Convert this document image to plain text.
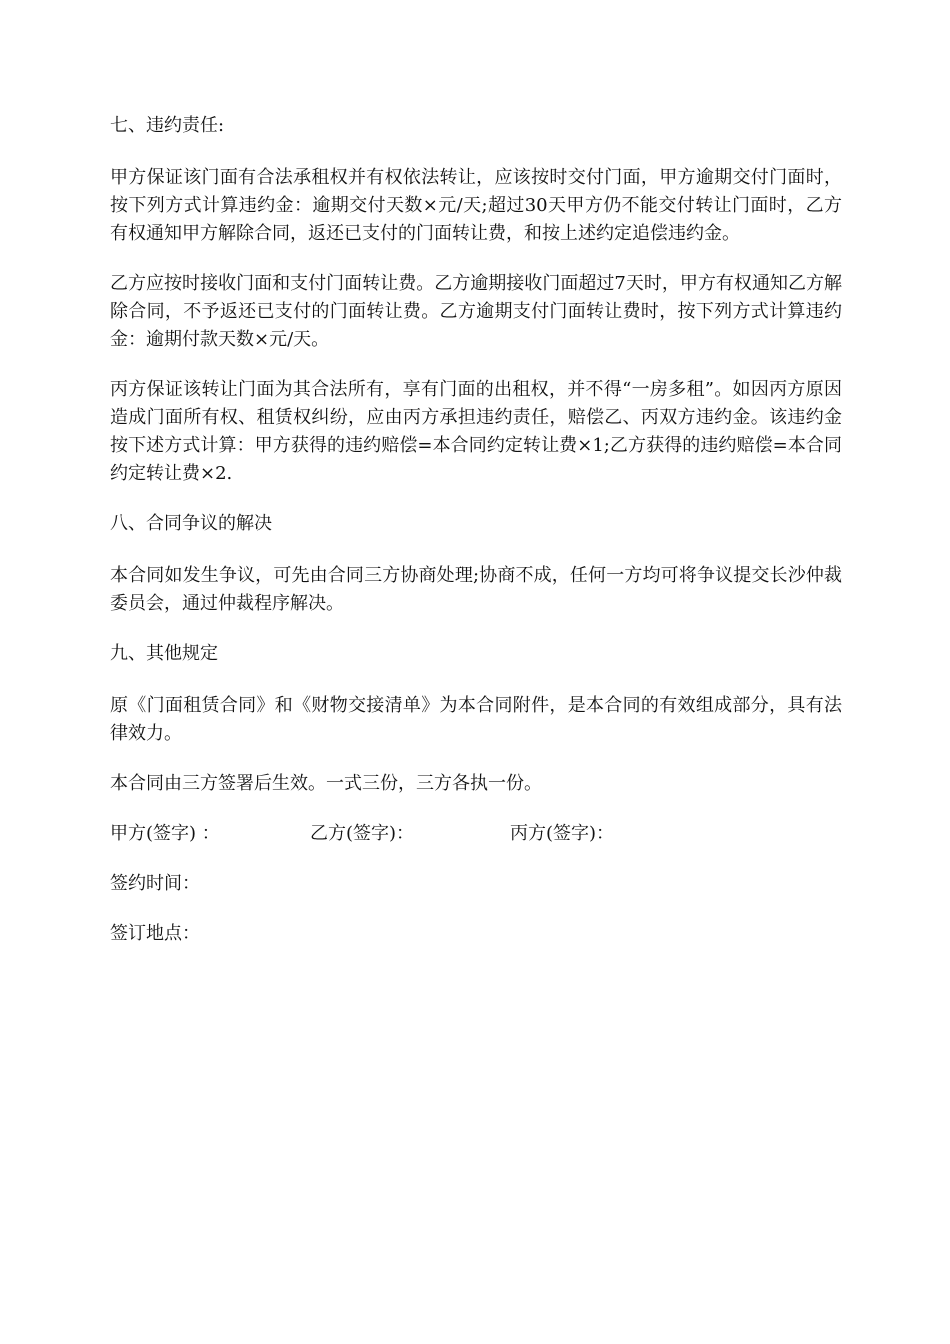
七、违约责任:

甲方保证该门面有合法承租权并有权依法转让，应该按时交付门面，甲方逾期交付门面时，按下列方式计算违约金：逾期交付天数×元/天;超过30天甲方仍不能交付转让门面时，乙方有权通知甲方解除合同，返还已支付的门面转让费，和按上述约定追偿违约金。

乙方应按时接收门面和支付门面转让费。乙方逾期接收门面超过7天时，甲方有权通知乙方解除合同，不予返还已支付的门面转让费。乙方逾期支付门面转让费时，按下列方式计算违约金：逾期付款天数×元/天。

丙方保证该转让门面为其合法所有，享有门面的出租权，并不得“一房多租”。如因丙方原因造成门面所有权、租赁权纠纷，应由丙方承担违约责任，赔偿乙、丙双方违约金。该违约金按下述方式计算：甲方获得的违约赔偿=本合同约定转让费×1;乙方获得的违约赔偿=本合同约定转让费×2.

八、合同争议的解决

本合同如发生争议，可先由合同三方协商处理;协商不成，任何一方均可将争议提交长沙仲裁委员会，通过仲裁程序解决。

九、其他规定

原《门面租赁合同》和《财物交接清单》为本合同附件，是本合同的有效组成部分，具有法律效力。

本合同由三方签署后生效。一式三份，三方各执一份。

甲方(签字) ：	乙方(签字)：	丙方(签字)：

签约时间：

签订地点：
